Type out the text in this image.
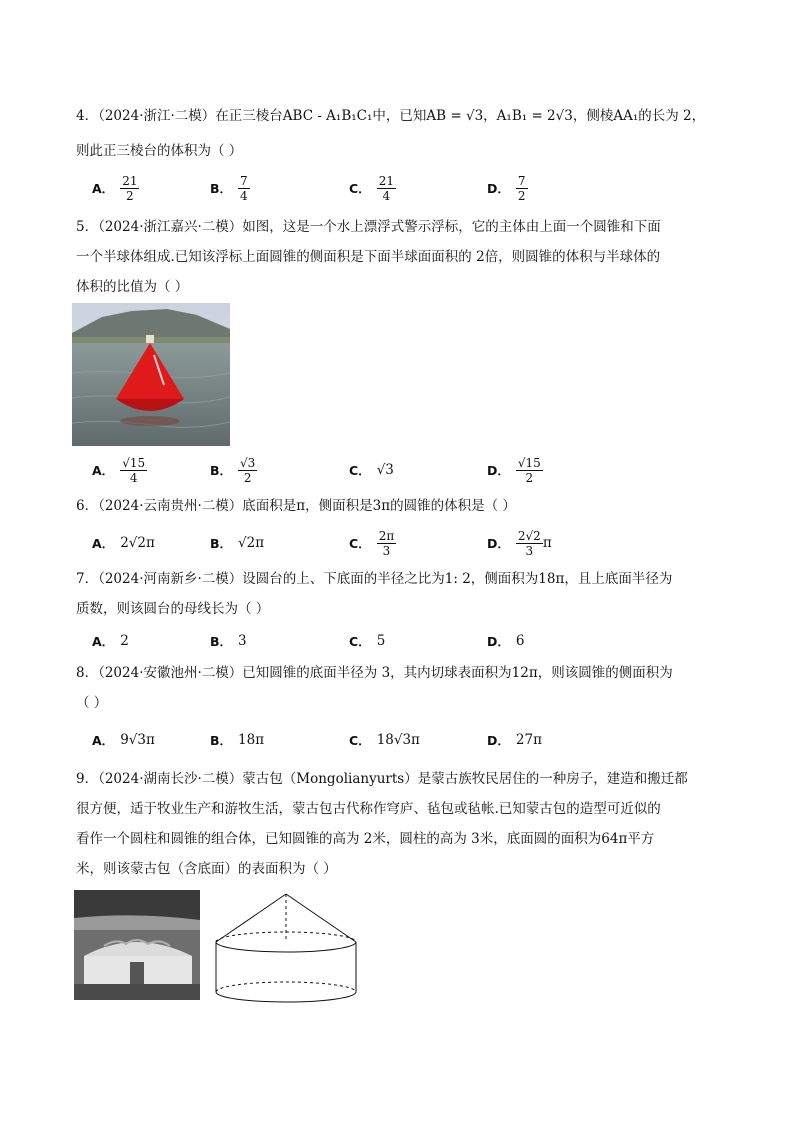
4．（2024·浙江·二模）在正三棱台ABC - A₁B₁C₁中，已知AB = √3，A₁B₁ = 2√3，侧棱AA₁的长为 2，
则此正三棱台的体积为（ ）
A． $\frac{21}{2}$	B． $\frac{7}{4}$	C． $\frac{21}{4}$	D． $\frac{7}{2}$
5．（2024·浙江嘉兴·二模）如图，这是一个水上漂浮式警示浮标，它的主体由上面一个圆锥和下面
一个半球体组成.已知该浮标上面圆锥的侧面积是下面半球面面积的 2倍，则圆锥的体积与半球体的
体积的比值为（ ）
A． $\frac{√15}{4}$	B． $\frac{√3}{2}$	C． √3	D． $\frac{√15}{2}$
6．（2024·云南贵州·二模）底面积是π，侧面积是3π的圆锥的体积是（ ）
A． 2√2π	B． √2π	C． $\frac{2\pi}{3}$	D． $\frac{2√2}{3}$ π
7．（2024·河南新乡·二模）设圆台的上、下底面的半径之比为1: 2，侧面积为18π，且上底面半径为
质数，则该圆台的母线长为（ ）
A． 2	B． 3	C． 5	D． 6
8．（2024·安徽池州·二模）已知圆锥的底面半径为 3，其内切球表面积为12π，则该圆锥的侧面积为
（ ）
A． 9√3π	B． 18π	C． 18√3π	D． 27π
9．（2024·湖南长沙·二模）蒙古包（Mongolianyurts）是蒙古族牧民居住的一种房子，建造和搬迁都
很方便，适于牧业生产和游牧生活，蒙古包古代称作穹庐、毡包或毡帐.已知蒙古包的造型可近似的
看作一个圆柱和圆锥的组合体，已知圆锥的高为 2米，圆柱的高为 3米，底面圆的面积为64π平方
米，则该蒙古包（含底面）的表面积为（ ）
